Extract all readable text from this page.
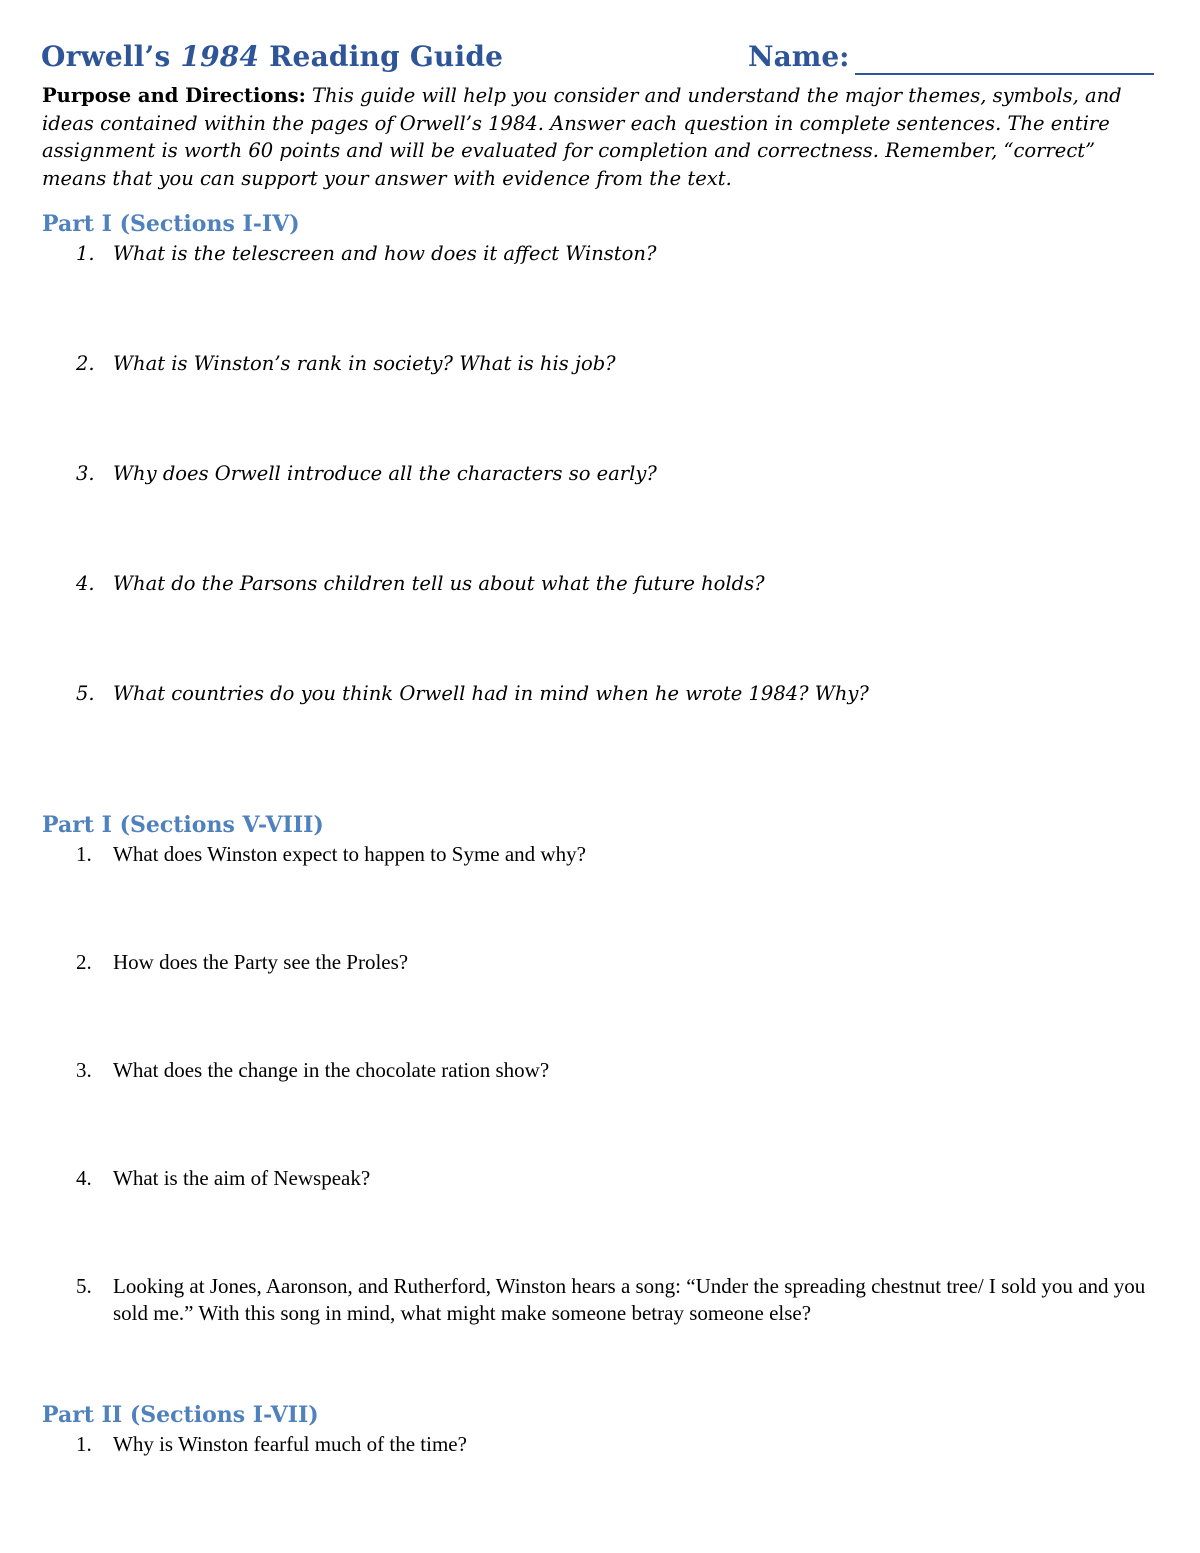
Orwell’s 1984 Reading Guide	Name:
Purpose and Directions: This guide will help you consider and understand the major themes, symbols, and ideas contained within the pages of Orwell’s 1984. Answer each question in complete sentences. The entire assignment is worth 60 points and will be evaluated for completion and correctness. Remember, “correct” means that you can support your answer with evidence from the text.
Part I (Sections I-IV)
1. What is the telescreen and how does it affect Winston?
2. What is Winston’s rank in society? What is his job?
3. Why does Orwell introduce all the characters so early?
4. What do the Parsons children tell us about what the future holds?
5. What countries do you think Orwell had in mind when he wrote 1984? Why?
Part I (Sections V-VIII)
1.	What does Winston expect to happen to Syme and why?
2.	How does the Party see the Proles?
3.	What does the change in the chocolate ration show?
4.	What is the aim of Newspeak?
5.	Looking at Jones, Aaronson, and Rutherford, Winston hears a song: “Under the spreading chestnut tree/ I sold you and you sold me.” With this song in mind, what might make someone betray someone else?
Part II (Sections I-VII)
1.	Why is Winston fearful much of the time?
